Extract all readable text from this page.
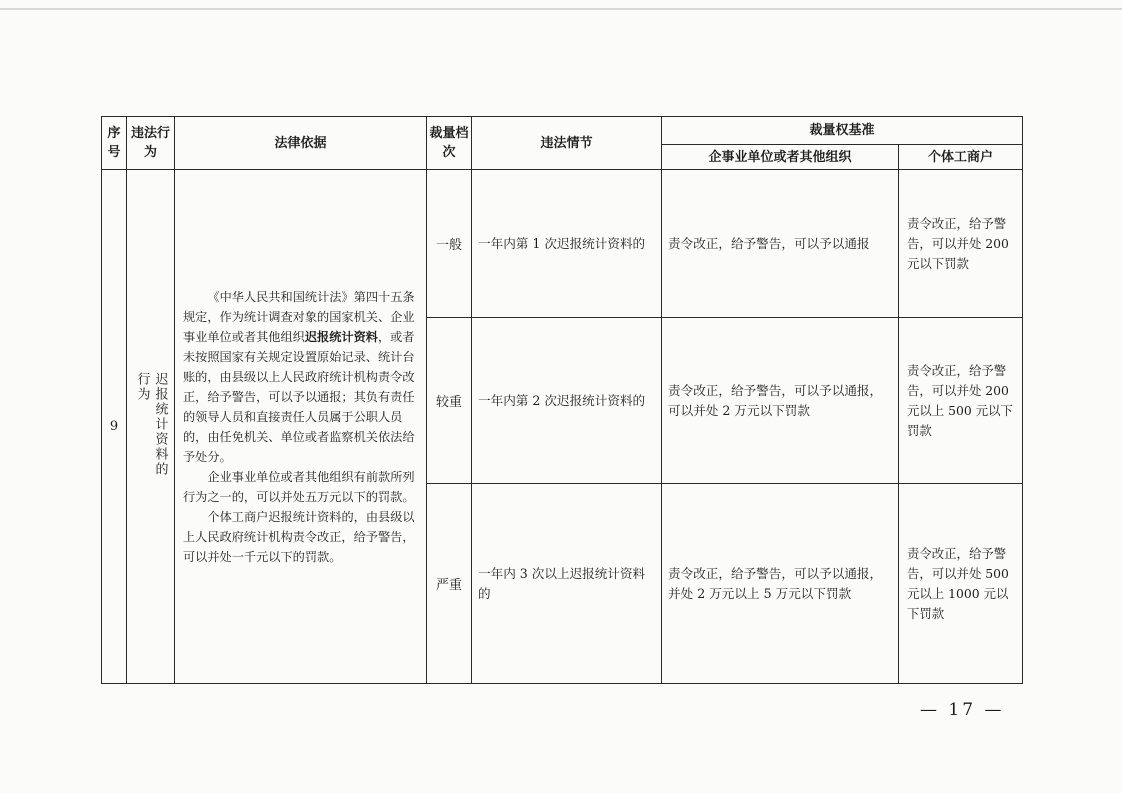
序号	违法行为	法律依据	裁量档次	违法情节	裁量权基准	
					企事业单位或者其他组织	个体工商户
9	迟报统计资料的行为	《中华人民共和国统计法》第四十五条规定，作为统计调查对象的国家机关、企业事业单位或者其他组织迟报统计资料，或者未按照国家有关规定设置原始记录、统计台账的，由县级以上人民政府统计机构责令改正，给予警告，可以予以通报；其负有责任的领导人员和直接责任人员属于公职人员的，由任免机关、单位或者监察机关依法给予处分。

企业事业单位或者其他组织有前款所列行为之一的，可以并处五万元以下的罚款。

个体工商户迟报统计资料的，由县级以上人民政府统计机构责令改正，给予警告，可以并处一千元以下的罚款。	一般	一年内第 1 次迟报统计资料的	责令改正，给予警告，可以予以通报	责令改正，给予警告，可以并处 200 元以下罚款
			较重	一年内第 2 次迟报统计资料的	责令改正，给予警告，可以予以通报，可以并处 2 万元以下罚款	责令改正，给予警告，可以并处 200 元以上 500 元以下罚款
			严重	一年内 3 次以上迟报统计资料的	责令改正，给予警告，可以予以通报，并处 2 万元以上 5 万元以下罚款	责令改正，给予警告，可以并处 500 元以上 1000 元以下罚款
— 17 —
